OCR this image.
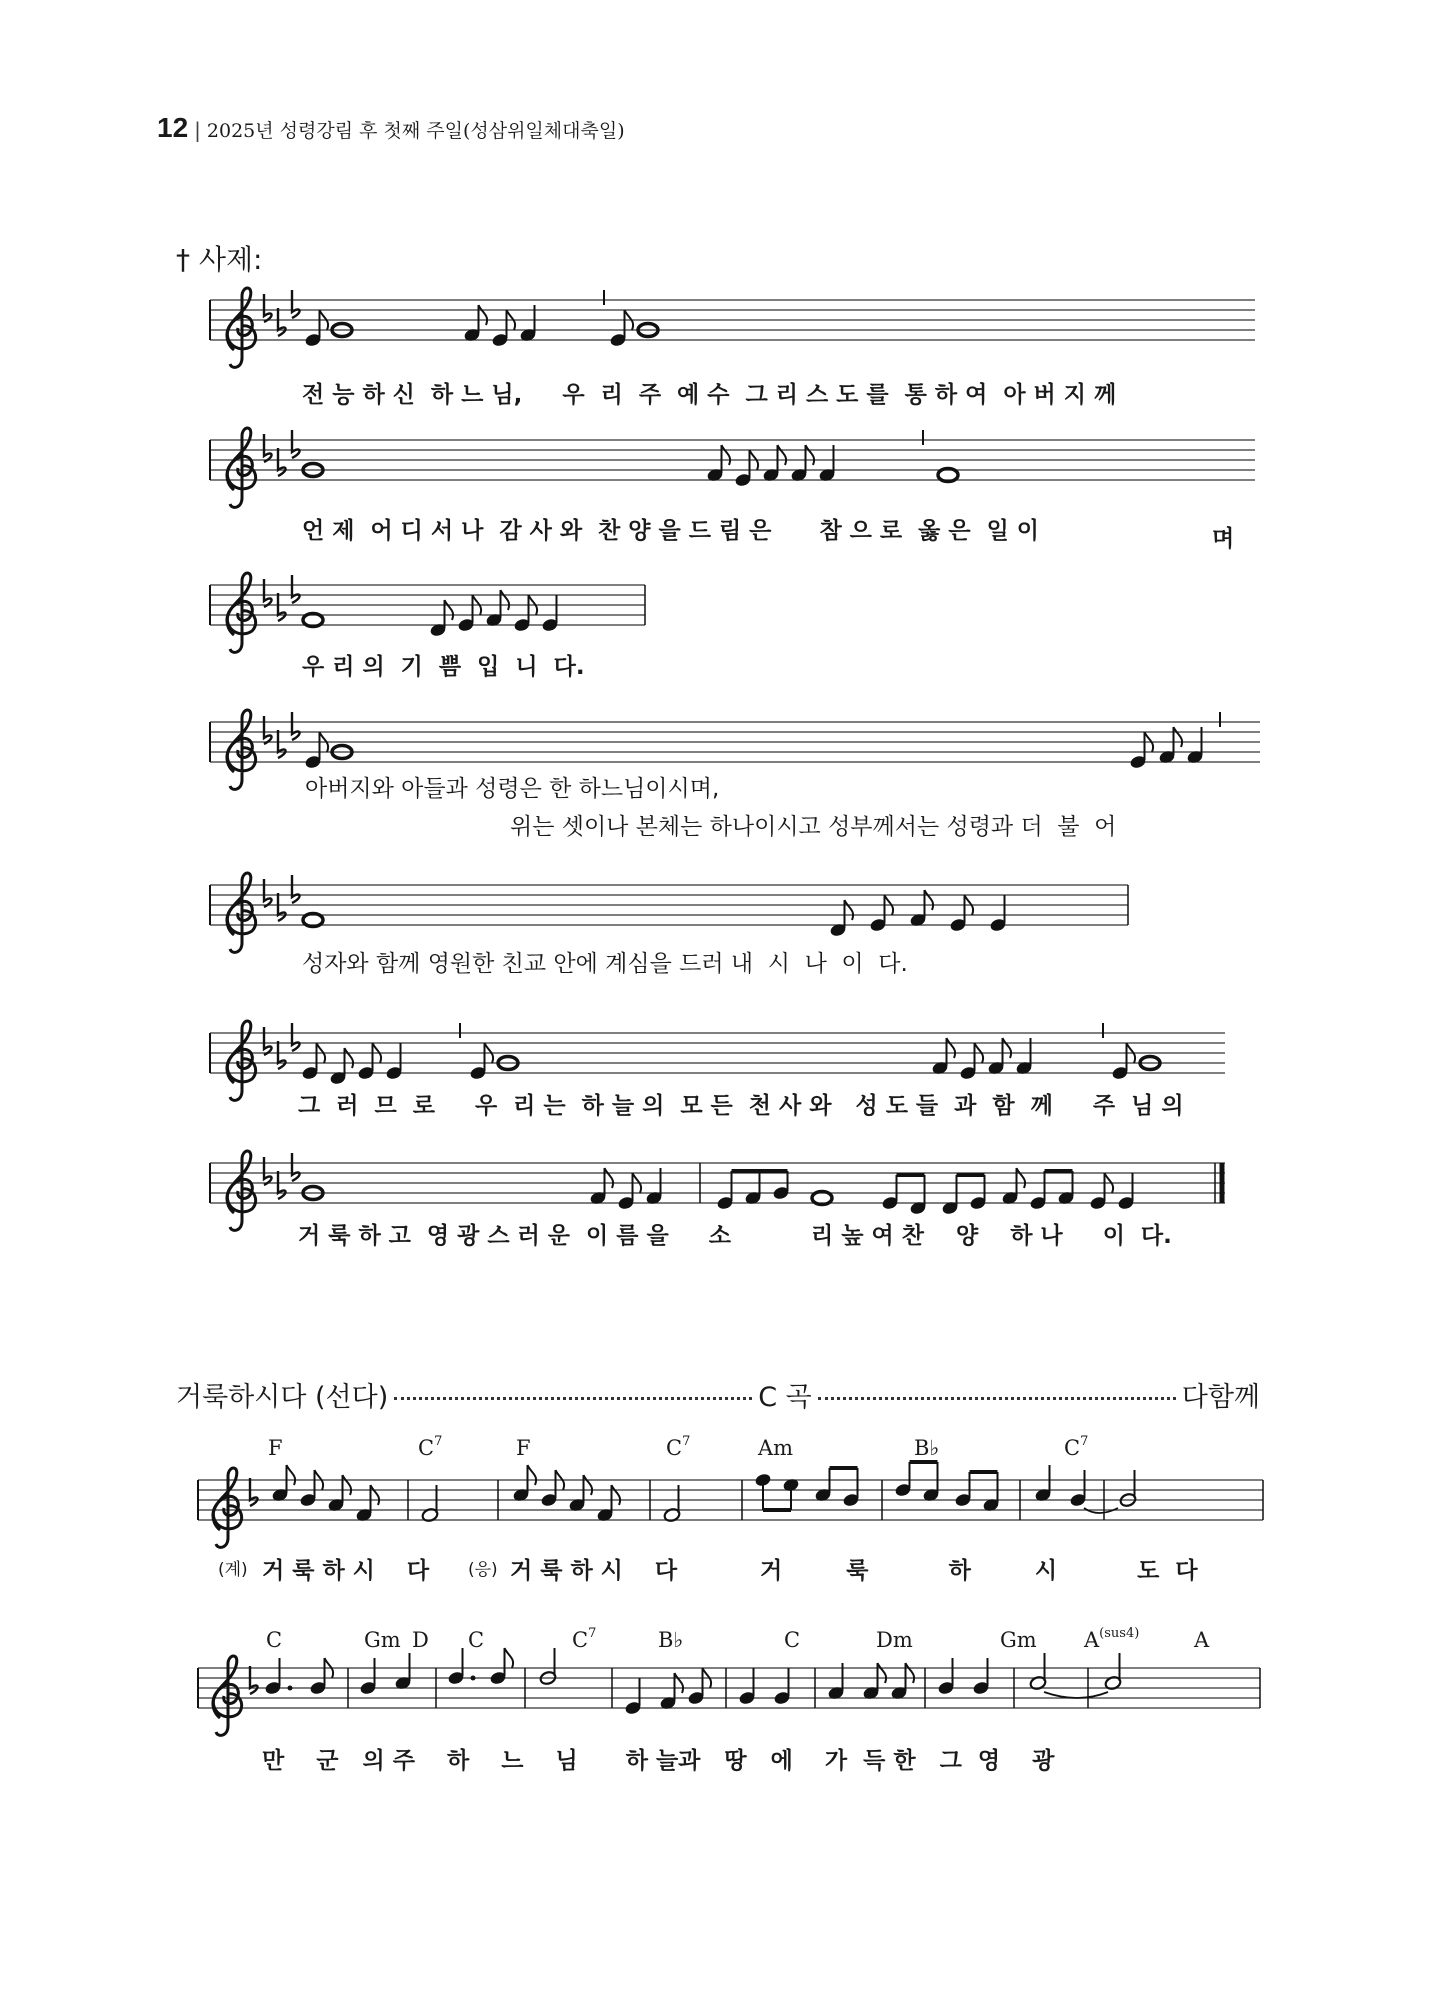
12 | 2025년 성령강림 후 첫째 주일(성삼위일체대축일)
† 사제:
전 능 하 신  하 느 님,     우  리  주  예 수  그 리 스 도 를  통 하 여  아 버 지 께
언 제  어 디 서 나  감 사 와  찬 양 을 드 림 은      참 으 로  옳 은  일 이	며
우 리 의  기  쁨  입  니  다.
아버지와 아들과 성령은 한 하느님이시며,
위는 셋이나 본체는 하나이시고 성부께서는 성령과 더  불  어
성자와 함께 영원한 친교 안에 계심을 드러 내  시  나  이  다.
그  러  므  로     우  리 는  하 늘 의  모 든  천 사 와   성 도 들  과  함  께     주  님 의
거 룩 하 고  영 광 스 러 운  이 름 을     소          리 높 여 찬    양    하 나     이  다.
거룩하시다 (선다)	C 곡	다함께
F	$C^7$	F	$C^7$	Am	B♭	$C^7$
(계) 거 룩 하 시    다 (응) 거 룩 하 시    다	거        룩          하        시          도  다
C	Gm D C	$C^7$	B♭	C	Dm	Gm $A^{(sus4)}$	A
만    군   의 주    하    느    님      하 늘과   땅   에    가  득 한   그  영    광
